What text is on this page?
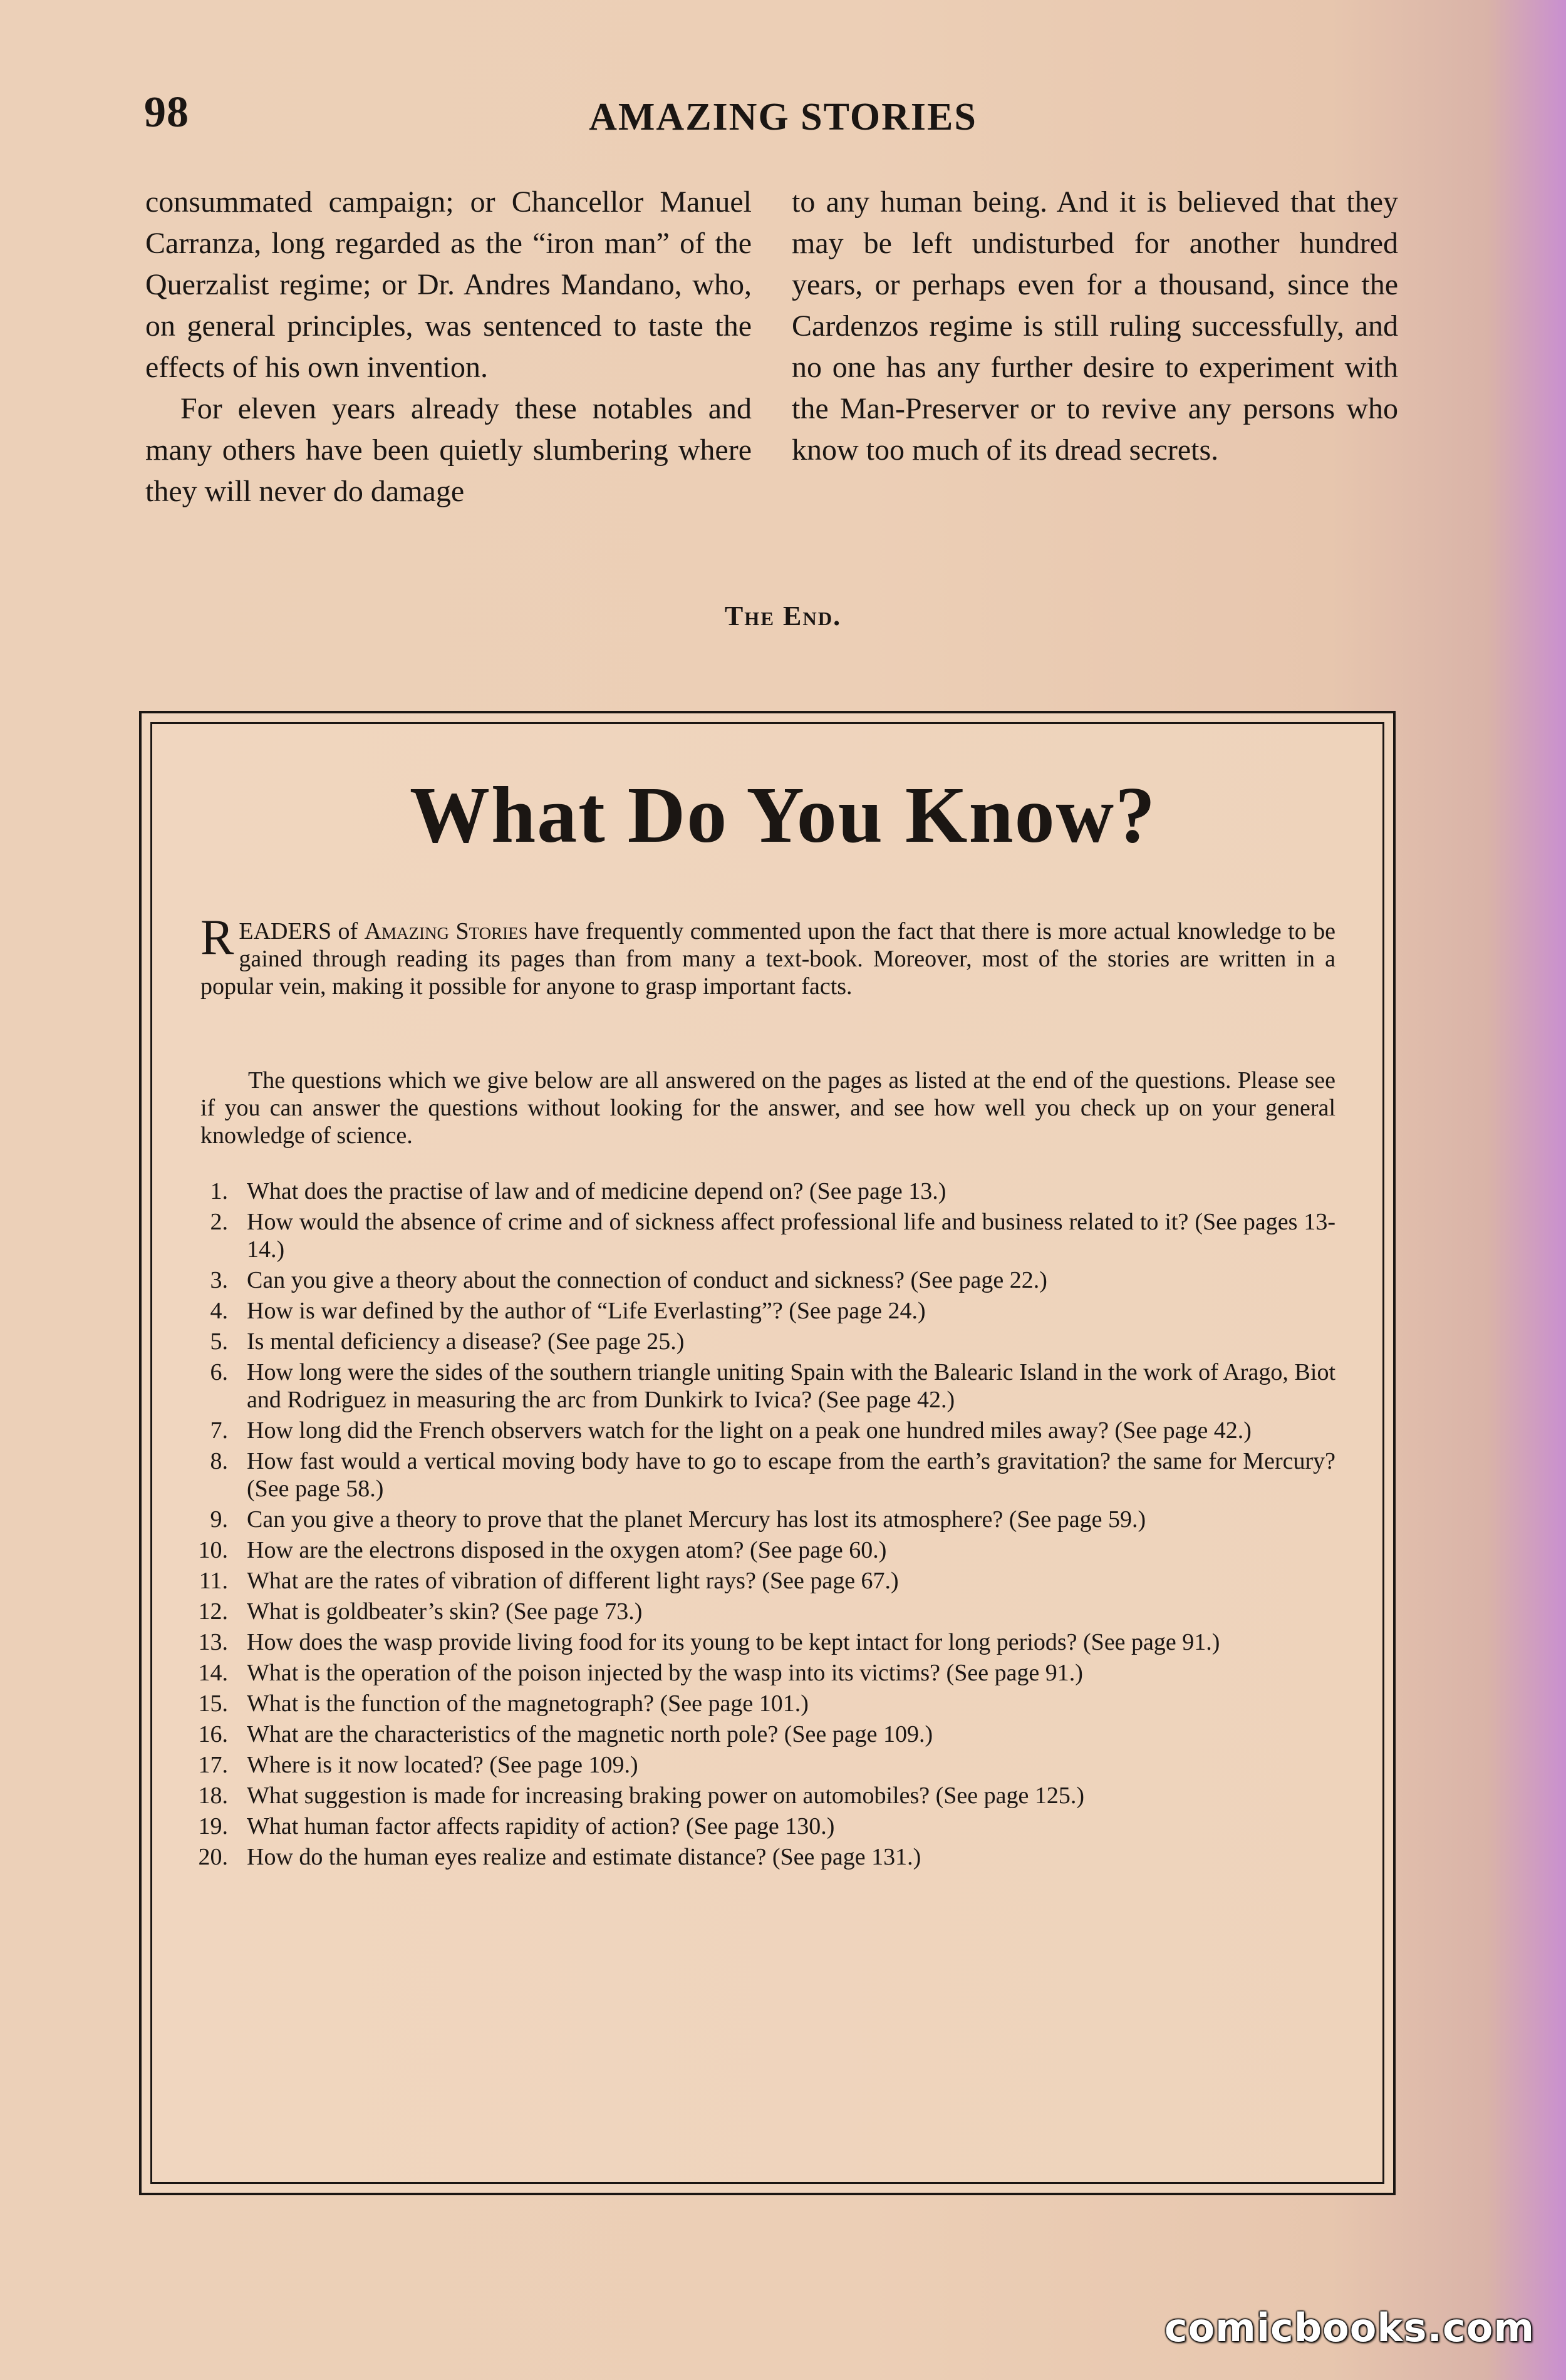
98	AMAZING STORIES

consummated campaign; or Chancellor Manuel Carranza, long regarded as the “iron man” of the Querzalist regime; or Dr. Andres Mandano, who, on general principles, was sentenced to taste the effects of his own invention.

For eleven years already these notables and many others have been quietly slumbering where they will never do damage

to any human being. And it is believed that they may be left undisturbed for another hundred years, or perhaps even for a thousand, since the Cardenzos regime is still ruling successfully, and no one has any further desire to experiment with the Man-Preserver or to revive any persons who know too much of its dread secrets.

The End.
What Do You Know?
READERS of Amazing Stories have frequently commented upon the fact that there is more actual knowledge to be gained through reading its pages than from many a text-book. Moreover, most of the stories are written in a popular vein, making it possible for anyone to grasp important facts.
The questions which we give below are all answered on the pages as listed at the end of the questions. Please see if you can answer the questions without looking for the answer, and see how well you check up on your general knowledge of science.
1. What does the practise of law and of medicine depend on? (See page 13.)
2. How would the absence of crime and of sickness affect professional life and business related to it? (See pages 13-14.)
3. Can you give a theory about the connection of conduct and sickness? (See page 22.)
4. How is war defined by the author of “Life Everlasting”? (See page 24.)
5. Is mental deficiency a disease? (See page 25.)
6. How long were the sides of the southern triangle uniting Spain with the Balearic Island in the work of Arago, Biot and Rodriguez in measuring the arc from Dunkirk to Ivica? (See page 42.)
7. How long did the French observers watch for the light on a peak one hundred miles away? (See page 42.)
8. How fast would a vertical moving body have to go to escape from the earth’s gravitation? the same for Mercury? (See page 58.)
9. Can you give a theory to prove that the planet Mercury has lost its atmosphere? (See page 59.)
10. How are the electrons disposed in the oxygen atom? (See page 60.)
11. What are the rates of vibration of different light rays? (See page 67.)
12. What is goldbeater’s skin? (See page 73.)
13. How does the wasp provide living food for its young to be kept intact for long periods? (See page 91.)
14. What is the operation of the poison injected by the wasp into its victims? (See page 91.)
15. What is the function of the magnetograph? (See page 101.)
16. What are the characteristics of the magnetic north pole? (See page 109.)
17. Where is it now located? (See page 109.)
18. What suggestion is made for increasing braking power on automobiles? (See page 125.)
19. What human factor affects rapidity of action? (See page 130.)
20. How do the human eyes realize and estimate distance? (See page 131.)
comicbooks.com
